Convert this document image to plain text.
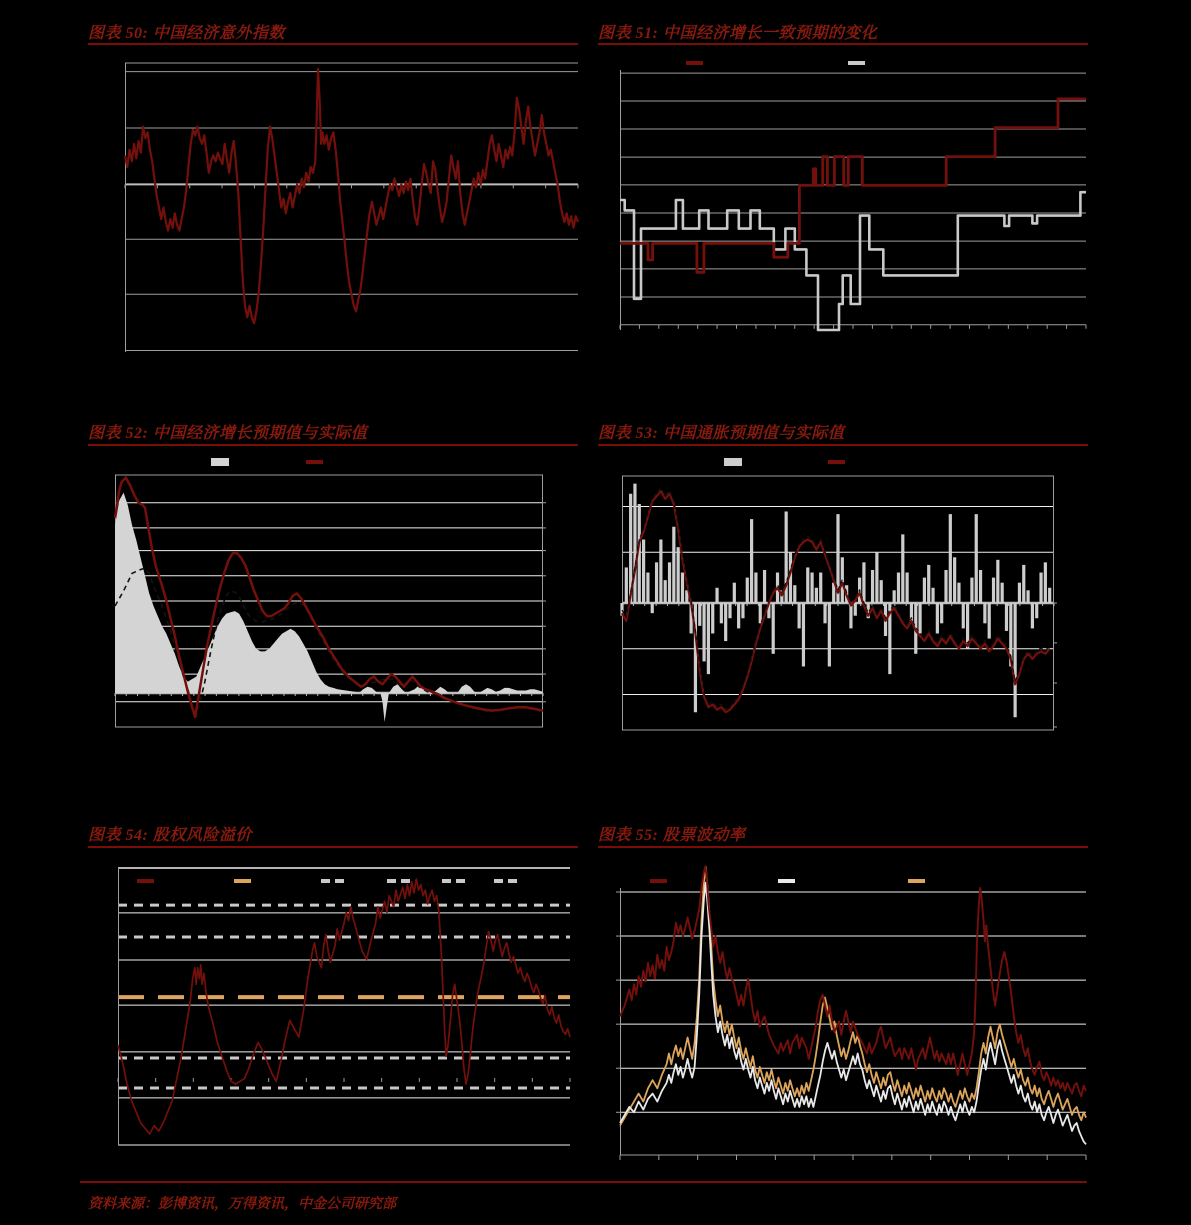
图表 50: 中国经济意外指数	图表 51: 中国经济增长一致预期的变化
图表 52: 中国经济增长预期值与实际值	图表 53: 中国通胀预期值与实际值
图表 54: 股权风险溢价	图表 55: 股票波动率
资料来源：彭博资讯，万得资讯，中金公司研究部
